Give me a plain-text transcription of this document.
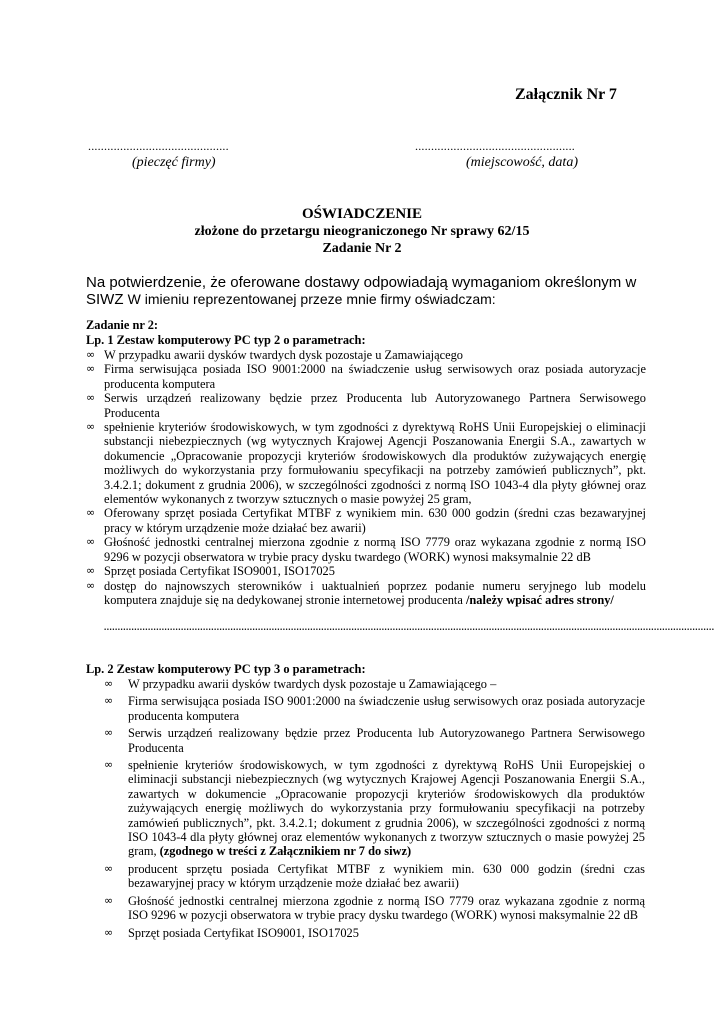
Załącznik Nr 7
............................................	..................................................
(pieczęć firmy)	(miejscowość, data)
OŚWIADCZENIE
złożone do przetargu nieograniczonego Nr sprawy 62/15
Zadanie Nr 2
Na potwierdzenie, że oferowane dostawy odpowiadają wymaganiom określonym w SIWZ W imieniu reprezentowanej przeze mnie firmy oświadczam:
Zadanie nr 2:
Lp. 1 Zestaw komputerowy PC typ 2 o parametrach:
∞ W przypadku awarii dysków twardych dysk pozostaje u Zamawiającego
∞ Firma serwisująca posiada ISO 9001:2000 na świadczenie usług serwisowych oraz posiada autoryzacje producenta komputera
∞ Serwis urządzeń realizowany będzie przez Producenta lub Autoryzowanego Partnera Serwisowego Producenta
∞ spełnienie kryteriów środowiskowych, w tym zgodności z dyrektywą RoHS Unii Europejskiej o eliminacji substancji niebezpiecznych (wg wytycznych Krajowej Agencji Poszanowania Energii S.A., zawartych w dokumencie „Opracowanie propozycji kryteriów środowiskowych dla produktów zużywających energię możliwych do wykorzystania przy formułowaniu specyfikacji na potrzeby zamówień publicznych”, pkt. 3.4.2.1; dokument z grudnia 2006), w szczególności zgodności z normą ISO 1043-4 dla płyty głównej oraz elementów wykonanych z tworzyw sztucznych o masie powyżej 25 gram,
∞ Oferowany sprzęt posiada Certyfikat MTBF z wynikiem min. 630 000 godzin (średni czas bezawaryjnej pracy w którym urządzenie może działać bez awarii)
∞ Głośność jednostki centralnej mierzona zgodnie z normą ISO 7779 oraz wykazana zgodnie z normą ISO 9296 w pozycji obserwatora w trybie pracy dysku twardego (WORK) wynosi maksymalnie 22 dB
∞ Sprzęt posiada Certyfikat ISO9001, ISO17025
∞ dostęp do najnowszych sterowników i uaktualnień poprzez podanie numeru seryjnego lub modelu komputera znajduje się na dedykowanej stronie internetowej producenta /należy wpisać adres strony/
..............................................................................................................................................................................................................................
Lp. 2 Zestaw komputerowy PC typ 3 o parametrach:
∞ W przypadku awarii dysków twardych dysk pozostaje u Zamawiającego –
∞ Firma serwisująca posiada ISO 9001:2000 na świadczenie usług serwisowych oraz posiada autoryzacje producenta komputera
∞ Serwis urządzeń realizowany będzie przez Producenta lub Autoryzowanego Partnera Serwisowego Producenta
∞ spełnienie kryteriów środowiskowych, w tym zgodności z dyrektywą RoHS Unii Europejskiej o eliminacji substancji niebezpiecznych (wg wytycznych Krajowej Agencji Poszanowania Energii S.A., zawartych w dokumencie „Opracowanie propozycji kryteriów środowiskowych dla produktów zużywających energię możliwych do wykorzystania przy formułowaniu specyfikacji na potrzeby zamówień publicznych”, pkt. 3.4.2.1; dokument z grudnia 2006), w szczególności zgodności z normą ISO 1043-4 dla płyty głównej oraz elementów wykonanych z tworzyw sztucznych o masie powyżej 25 gram, (zgodnego w treści z Załącznikiem nr 7 do siwz)
∞ producent sprzętu posiada Certyfikat MTBF z wynikiem min. 630 000 godzin (średni czas bezawaryjnej pracy w którym urządzenie może działać bez awarii)
∞ Głośność jednostki centralnej mierzona zgodnie z normą ISO 7779 oraz wykazana zgodnie z normą ISO 9296 w pozycji obserwatora w trybie pracy dysku twardego (WORK) wynosi maksymalnie 22 dB
∞ Sprzęt posiada Certyfikat ISO9001, ISO17025
